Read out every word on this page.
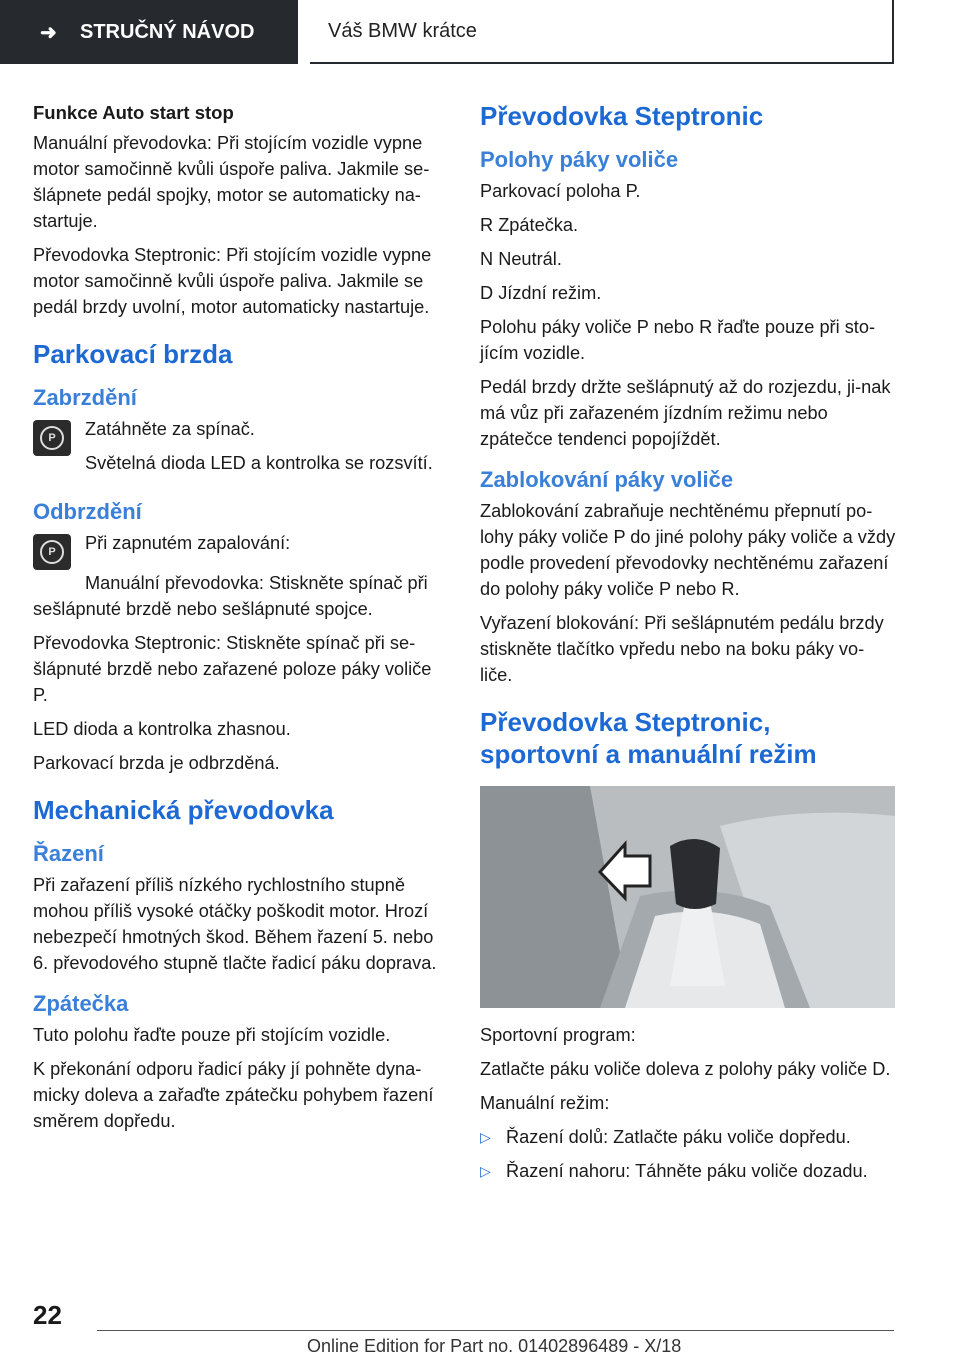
➜	STRUČNÝ NÁVOD	Váš BMW krátce
Funkce Auto start stop

Manuální převodovka: Při stojícím vozidle vypne motor samočinně kvůli úspoře paliva. Jakmile se-šlápnete pedál spojky, motor se automaticky na-startuje.

Převodovka Steptronic: Při stojícím vozidle vypne motor samočinně kvůli úspoře paliva. Jakmile se pedál brzdy uvolní, motor automaticky nastartuje.

Parkovací brzda
Zabrzdění
P	Zatáhněte za spínač.

Světelná dioda LED a kontrolka se rozsvítí.

Odbrzdění
P	Při zapnutém zapalování:

Manuální převodovka: Stiskněte spínač při sešlápnuté brzdě nebo sešlápnuté spojce.

Převodovka Steptronic: Stiskněte spínač při se-šlápnuté brzdě nebo zařazené poloze páky voliče P.

LED dioda a kontrolka zhasnou.

Parkovací brzda je odbrzděná.

Mechanická převodovka
Řazení

Při zařazení příliš nízkého rychlostního stupně mohou příliš vysoké otáčky poškodit motor. Hrozí nebezpečí hmotných škod. Během řazení 5. nebo 6. převodového stupně tlačte řadicí páku doprava.

Zpátečka

Tuto polohu řaďte pouze při stojícím vozidle.

K překonání odporu řadicí páky jí pohněte dyna-micky doleva a zařaďte zpátečku pohybem řazení směrem dopředu.

Převodovka Steptronic
Polohy páky voliče

Parkovací poloha P.

R Zpátečka.

N Neutrál.

D Jízdní režim.

Polohu páky voliče P nebo R řaďte pouze při sto-jícím vozidle.

Pedál brzdy držte sešlápnutý až do rozjezdu, ji-nak má vůz při zařazeném jízdním režimu nebo zpátečce tendenci popojíždět.

Zablokování páky voliče

Zablokování zabraňuje nechtěnému přepnutí po-lohy páky voliče P do jiné polohy páky voliče a vždy podle provedení převodovky nechtěnému zařazení do polohy páky voliče P nebo R.

Vyřazení blokování: Při sešlápnutém pedálu brzdy stiskněte tlačítko vpředu nebo na boku páky vo-liče.

Převodovka Steptronic, sportovní a manuální režim

Sportovní program:

Zatlačte páku voliče doleva z polohy páky voliče D.

Manuální režim:

▷ Řazení dolů: Zatlačte páku voliče dopředu.

▷ Řazení nahoru: Táhněte páku voliče dozadu.

22
Online Edition for Part no. 01402896489 - X/18
